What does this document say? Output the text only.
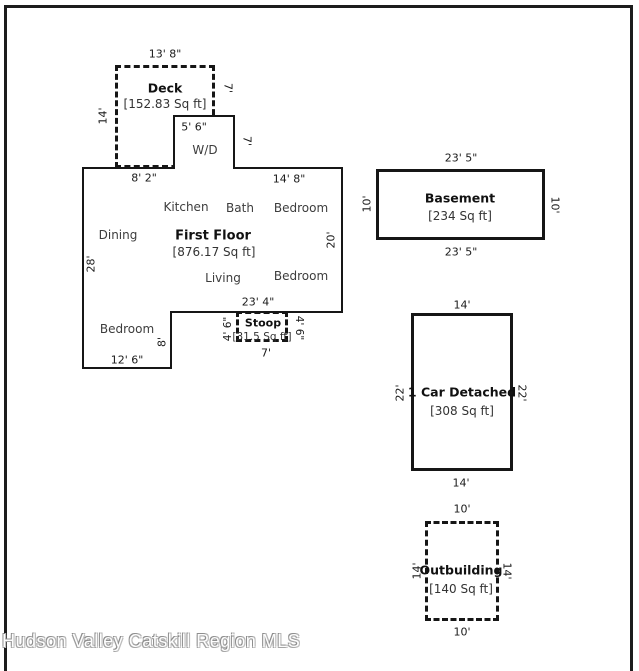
Deck
[152.83 Sq ft]
13' 8"
14'
7'
W/D
5' 6"
7'
8' 2"	14' 8"
28'
20'
23' 4"
8'
12' 6"
Kitchen Bath Bedroom
Dining	First Floor
[876.17 Sq ft]
Living	Bedroom
Bedroom	Stoop
[31.5 Sq ft]
4' 6"	4' 6"
7'
Basement
[234 Sq ft]
23' 5"
23' 5"
10'	10'
1 Car Detached
[308 Sq ft]
14'
14'
22'	22'
Outbuilding
[140 Sq ft]
10'
10'
14'	14'
Hudson Valley Catskill Region MLS
